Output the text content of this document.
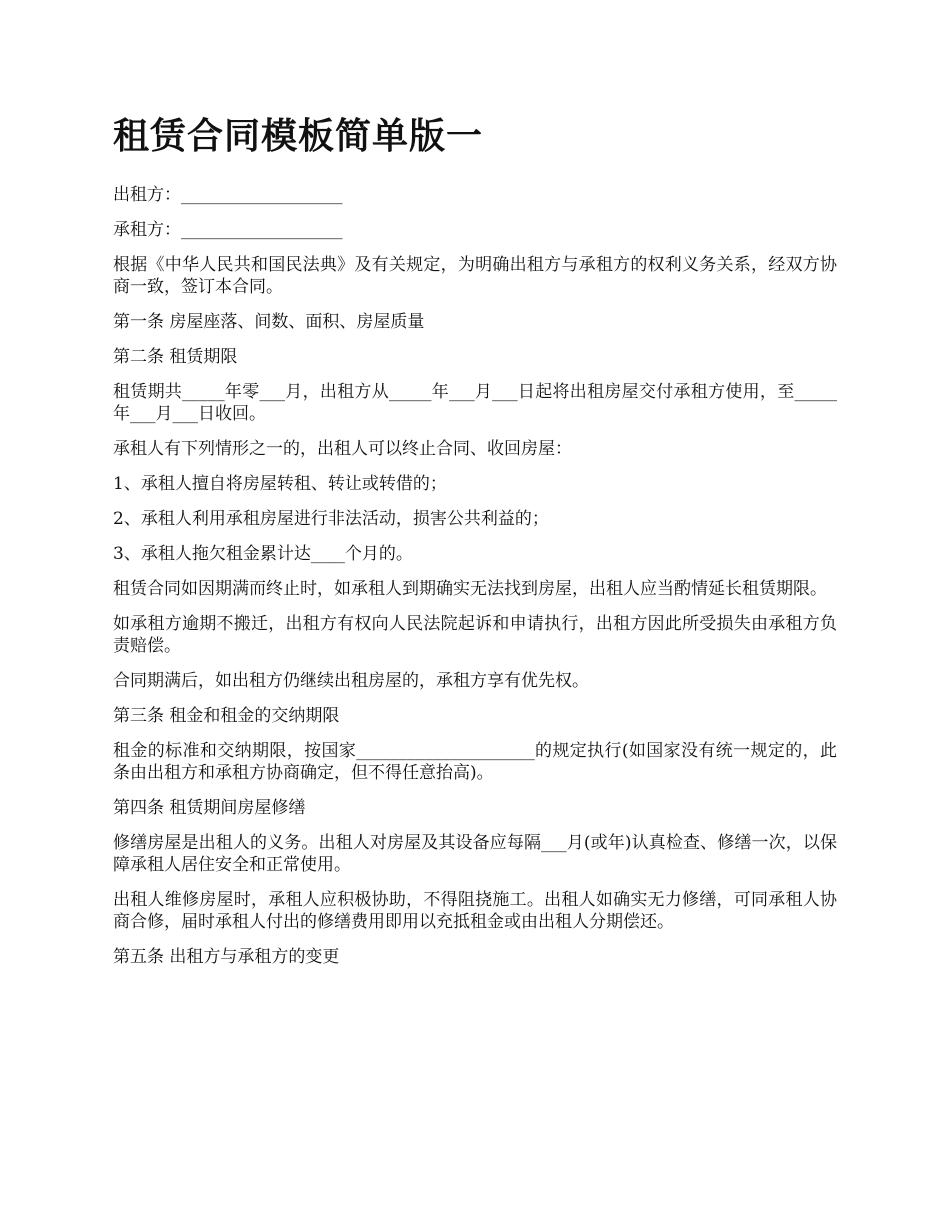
租赁合同模板简单版一

出租方：___________________

承租方：___________________

根据《中华人民共和国民法典》及有关规定，为明确出租方与承租方的权利义务关系，经双方协商一致，签订本合同。

第一条 房屋座落、间数、面积、房屋质量

第二条 租赁期限

租赁期共_____年零___月，出租方从_____年___月___日起将出租房屋交付承租方使用，至_____年___月___日收回。

承租人有下列情形之一的，出租人可以终止合同、收回房屋：

1、承租人擅自将房屋转租、转让或转借的；

2、承租人利用承租房屋进行非法活动，损害公共利益的；

3、承租人拖欠租金累计达____个月的。

租赁合同如因期满而终止时，如承租人到期确实无法找到房屋，出租人应当酌情延长租赁期限。

如承租方逾期不搬迁，出租方有权向人民法院起诉和申请执行，出租方因此所受损失由承租方负责赔偿。

合同期满后，如出租方仍继续出租房屋的，承租方享有优先权。

第三条 租金和租金的交纳期限

租金的标准和交纳期限，按国家_____________________的规定执行(如国家没有统一规定的，此条由出租方和承租方协商确定，但不得任意抬高)。

第四条 租赁期间房屋修缮

修缮房屋是出租人的义务。出租人对房屋及其设备应每隔___月(或年)认真检查、修缮一次，以保障承租人居住安全和正常使用。

出租人维修房屋时，承租人应积极协助，不得阻挠施工。出租人如确实无力修缮，可同承租人协商合修，届时承租人付出的修缮费用即用以充抵租金或由出租人分期偿还。

第五条 出租方与承租方的变更
